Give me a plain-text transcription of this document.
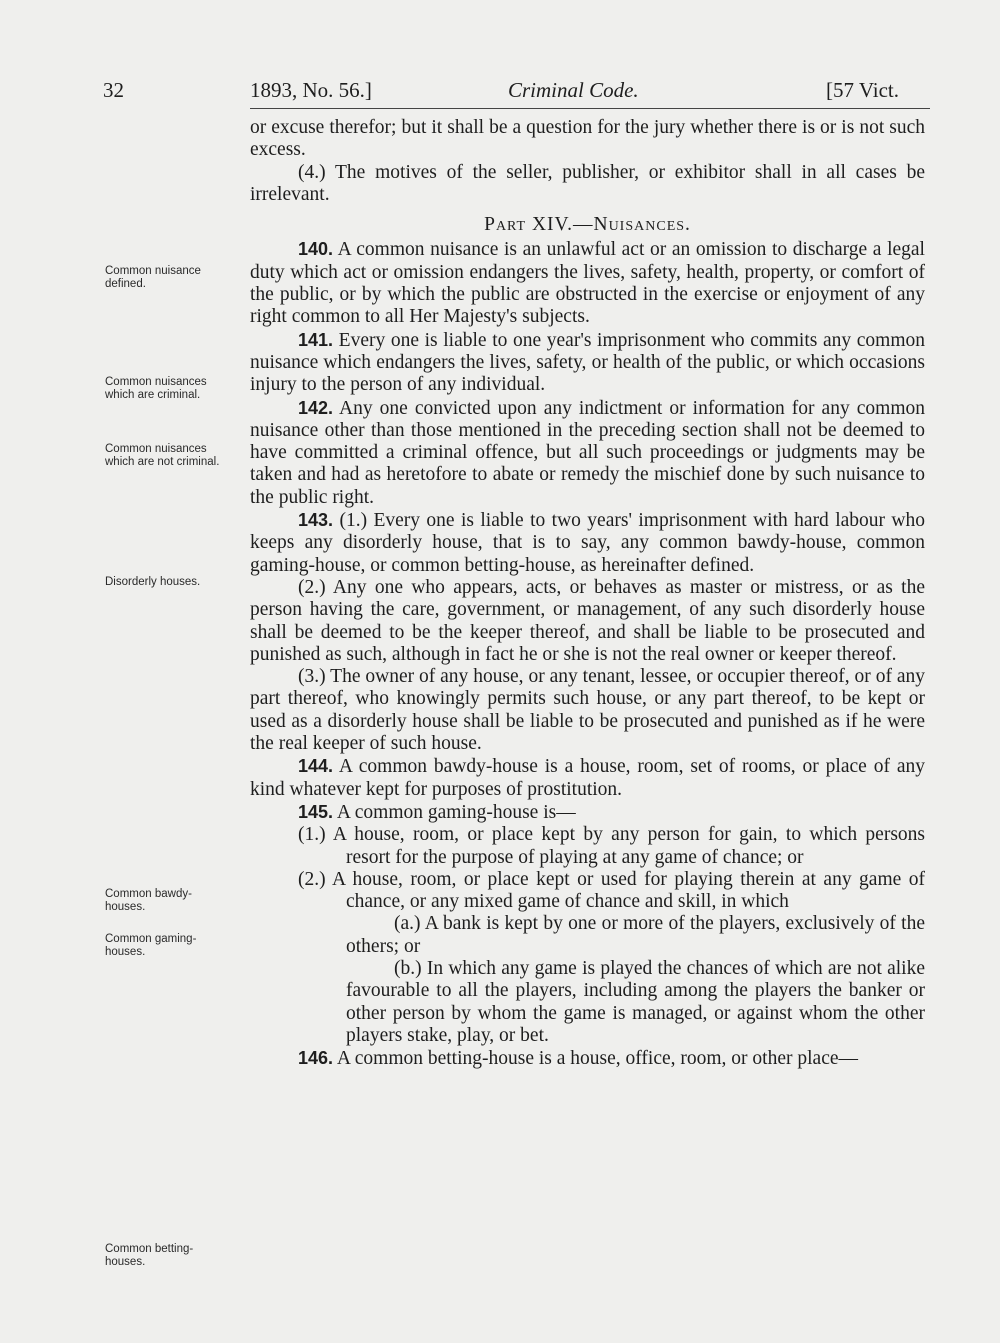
32	1893, No. 56.]	Criminal Code.	[57 Vict.
Common nuisance defined.
Common nuisances which are criminal.
Common nuisances which are not criminal.
Disorderly houses.
Common bawdy-houses.
Common gaming-houses.
Common betting-houses.

or excuse therefor; but it shall be a question for the jury whether there is or is not such excess.

(4.) The motives of the seller, publisher, or exhibitor shall in all cases be irrelevant.

Part XIV.—Nuisances.

140. A common nuisance is an unlawful act or an omission to discharge a legal duty which act or omission endangers the lives, safety, health, property, or comfort of the public, or by which the public are obstructed in the exercise or enjoyment of any right common to all Her Majesty's subjects.

141. Every one is liable to one year's imprisonment who commits any common nuisance which endangers the lives, safety, or health of the public, or which occasions injury to the person of any individual.

142. Any one convicted upon any indictment or information for any common nuisance other than those mentioned in the preceding section shall not be deemed to have committed a criminal offence, but all such proceedings or judgments may be taken and had as heretofore to abate or remedy the mischief done by such nuisance to the public right.

143. (1.) Every one is liable to two years' imprisonment with hard labour who keeps any disorderly house, that is to say, any common bawdy-house, common gaming-house, or common betting-house, as hereinafter defined.

(2.) Any one who appears, acts, or behaves as master or mistress, or as the person having the care, government, or management, of any such disorderly house shall be deemed to be the keeper thereof, and shall be liable to be prosecuted and punished as such, although in fact he or she is not the real owner or keeper thereof.

(3.) The owner of any house, or any tenant, lessee, or occupier thereof, or of any part thereof, who knowingly permits such house, or any part thereof, to be kept or used as a disorderly house shall be liable to be prosecuted and punished as if he were the real keeper of such house.

144. A common bawdy-house is a house, room, set of rooms, or place of any kind whatever kept for purposes of prostitution.

145. A common gaming-house is—

(1.) A house, room, or place kept by any person for gain, to which persons resort for the purpose of playing at any game of chance; or

(2.) A house, room, or place kept or used for playing therein at any game of chance, or any mixed game of chance and skill, in which

(a.) A bank is kept by one or more of the players, exclusively of the others; or

(b.) In which any game is played the chances of which are not alike favourable to all the players, including among the players the banker or other person by whom the game is managed, or against whom the other players stake, play, or bet.

146. A common betting-house is a house, office, room, or other place—
